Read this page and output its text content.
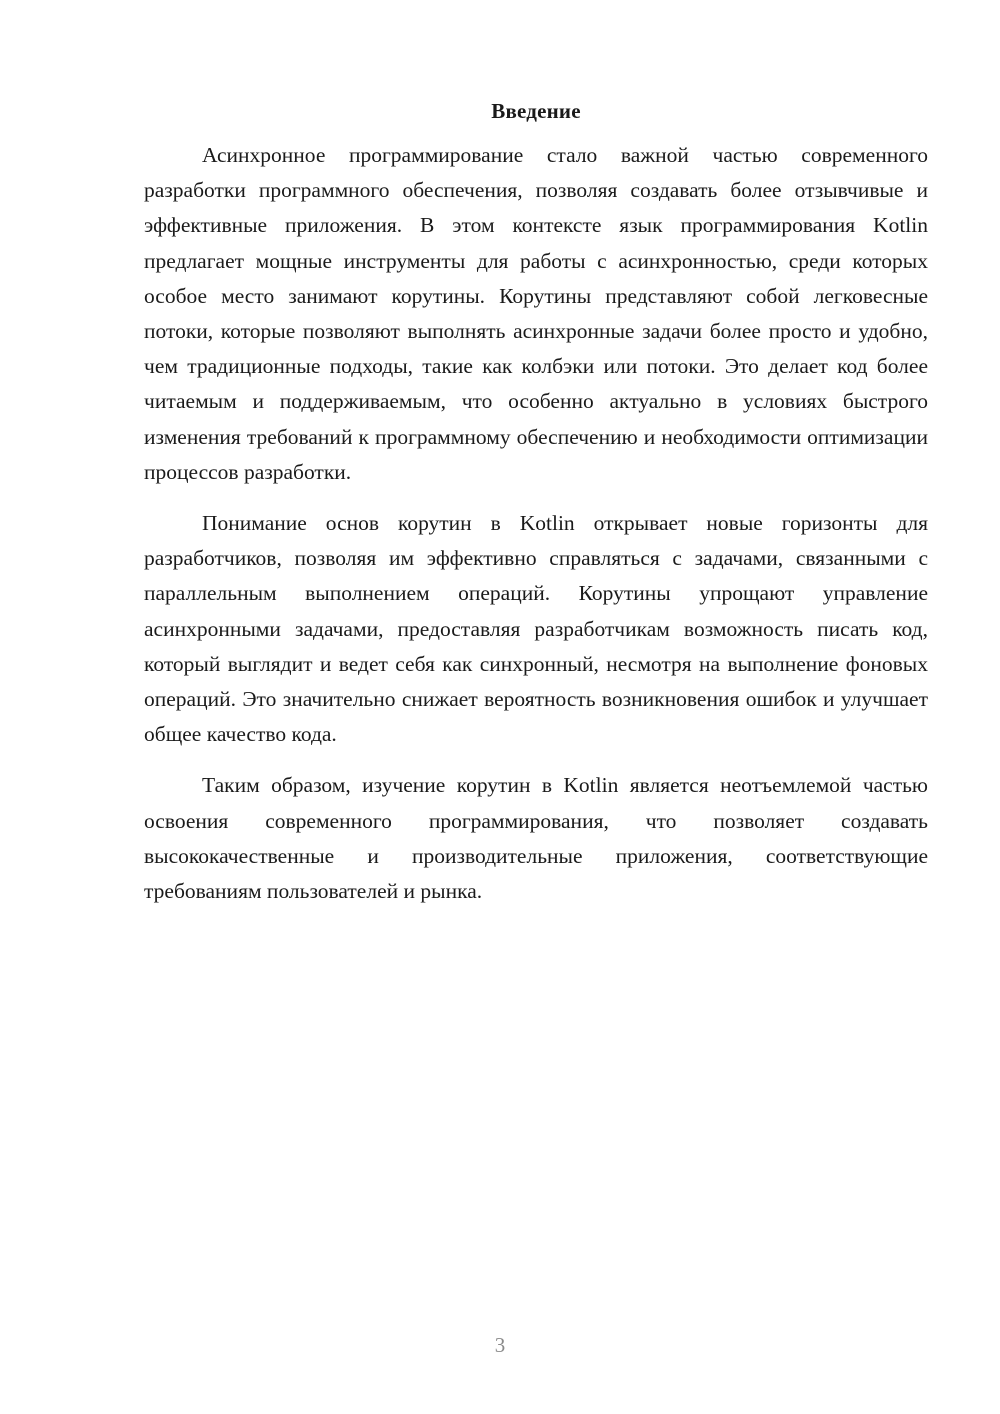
Введение

Асинхронное программирование стало важной частью современного разработки программного обеспечения, позволяя создавать более отзывчивые и эффективные приложения. В этом контексте язык программирования Kotlin предлагает мощные инструменты для работы с асинхронностью, среди которых особое место занимают корутины. Корутины представляют собой легковесные потоки, которые позволяют выполнять асинхронные задачи более просто и удобно, чем традиционные подходы, такие как колбэки или потоки. Это делает код более читаемым и поддерживаемым, что особенно актуально в условиях быстрого изменения требований к программному обеспечению и необходимости оптимизации процессов разработки.

Понимание основ корутин в Kotlin открывает новые горизонты для разработчиков, позволяя им эффективно справляться с задачами, связанными с параллельным выполнением операций. Корутины упрощают управление асинхронными задачами, предоставляя разработчикам возможность писать код, который выглядит и ведет себя как синхронный, несмотря на выполнение фоновых операций. Это значительно снижает вероятность возникновения ошибок и улучшает общее качество кода.

Таким образом, изучение корутин в Kotlin является неотъемлемой частью освоения современного программирования, что позволяет создавать высококачественные и производительные приложения, соответствующие требованиям пользователей и рынка.

3
